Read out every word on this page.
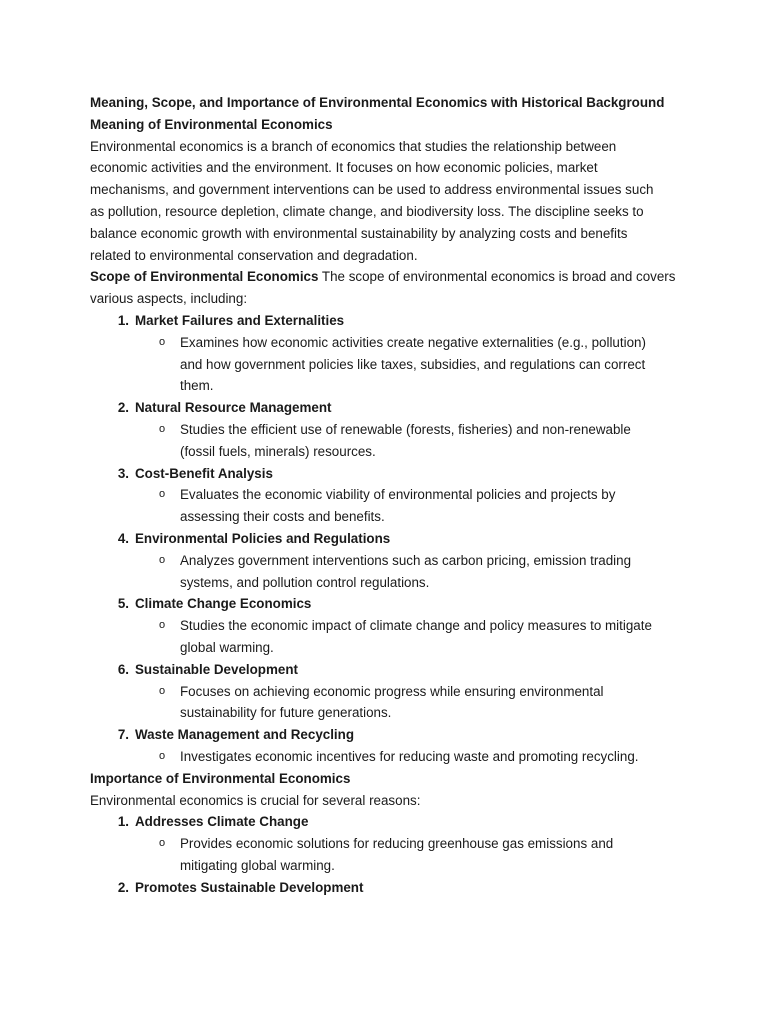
Meaning, Scope, and Importance of Environmental Economics with Historical Background
Meaning of Environmental Economics
Environmental economics is a branch of economics that studies the relationship between
economic activities and the environment. It focuses on how economic policies, market
mechanisms, and government interventions can be used to address environmental issues such
as pollution, resource depletion, climate change, and biodiversity loss. The discipline seeks to
balance economic growth with environmental sustainability by analyzing costs and benefits
related to environmental conservation and degradation.
Scope of Environmental Economics The scope of environmental economics is broad and covers
various aspects, including:
1. Market Failures and Externalities
o Examines how economic activities create negative externalities (e.g., pollution)
and how government policies like taxes, subsidies, and regulations can correct
them.
2. Natural Resource Management
o Studies the efficient use of renewable (forests, fisheries) and non-renewable
(fossil fuels, minerals) resources.
3. Cost-Benefit Analysis
o Evaluates the economic viability of environmental policies and projects by
assessing their costs and benefits.
4. Environmental Policies and Regulations
o Analyzes government interventions such as carbon pricing, emission trading
systems, and pollution control regulations.
5. Climate Change Economics
o Studies the economic impact of climate change and policy measures to mitigate
global warming.
6. Sustainable Development
o Focuses on achieving economic progress while ensuring environmental
sustainability for future generations.
7. Waste Management and Recycling
o Investigates economic incentives for reducing waste and promoting recycling.
Importance of Environmental Economics
Environmental economics is crucial for several reasons:
1. Addresses Climate Change
o Provides economic solutions for reducing greenhouse gas emissions and
mitigating global warming.
2. Promotes Sustainable Development
